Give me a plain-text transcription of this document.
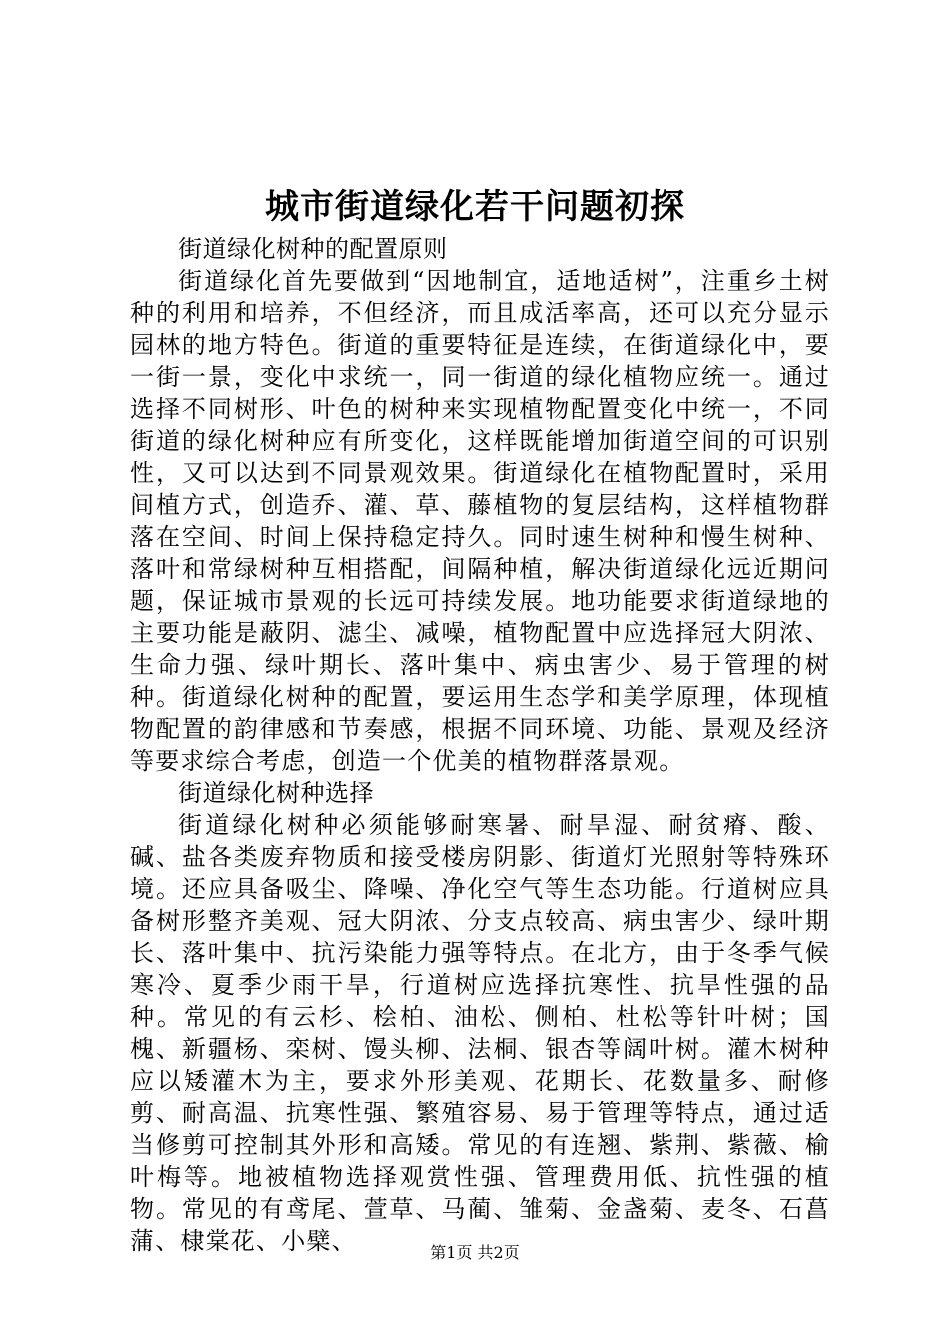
城市街道绿化若干问题初探

街道绿化树种的配置原则

街道绿化首先要做到“因地制宜，适地适树”，注重乡土树种的利用和培养，不但经济，而且成活率高，还可以充分显示园林的地方特色。街道的重要特征是连续，在街道绿化中，要一街一景，变化中求统一，同一街道的绿化植物应统一。通过选择不同树形、叶色的树种来实现植物配置变化中统一，不同街道的绿化树种应有所变化，这样既能增加街道空间的可识别性，又可以达到不同景观效果。街道绿化在植物配置时，采用间植方式，创造乔、灌、草、藤植物的复层结构，这样植物群落在空间、时间上保持稳定持久。同时速生树种和慢生树种、落叶和常绿树种互相搭配，间隔种植，解决街道绿化远近期问题，保证城市景观的长远可持续发展。地功能要求街道绿地的主要功能是蔽阴、滤尘、减噪，植物配置中应选择冠大阴浓、生命力强、绿叶期长、落叶集中、病虫害少、易于管理的树种。街道绿化树种的配置，要运用生态学和美学原理，体现植物配置的韵律感和节奏感，根据不同环境、功能、景观及经济等要求综合考虑，创造一个优美的植物群落景观。

街道绿化树种选择

街道绿化树种必须能够耐寒暑、耐旱湿、耐贫瘠、酸、碱、盐各类废弃物质和接受楼房阴影、街道灯光照射等特殊环境。还应具备吸尘、降噪、净化空气等生态功能。行道树应具备树形整齐美观、冠大阴浓、分支点较高、病虫害少、绿叶期长、落叶集中、抗污染能力强等特点。在北方，由于冬季气候寒冷、夏季少雨干旱，行道树应选择抗寒性、抗旱性强的品种。常见的有云杉、桧柏、油松、侧柏、杜松等针叶树；国槐、新疆杨、栾树、馒头柳、法桐、银杏等阔叶树。灌木树种应以矮灌木为主，要求外形美观、花期长、花数量多、耐修剪、耐高温、抗寒性强、繁殖容易、易于管理等特点，通过适当修剪可控制其外形和高矮。常见的有连翘、紫荆、紫薇、榆叶梅等。地被植物选择观赏性强、管理费用低、抗性强的植物。常见的有鸢尾、萱草、马蔺、雏菊、金盏菊、麦冬、石菖蒲、棣棠花、小檗、	第1页 共2页
